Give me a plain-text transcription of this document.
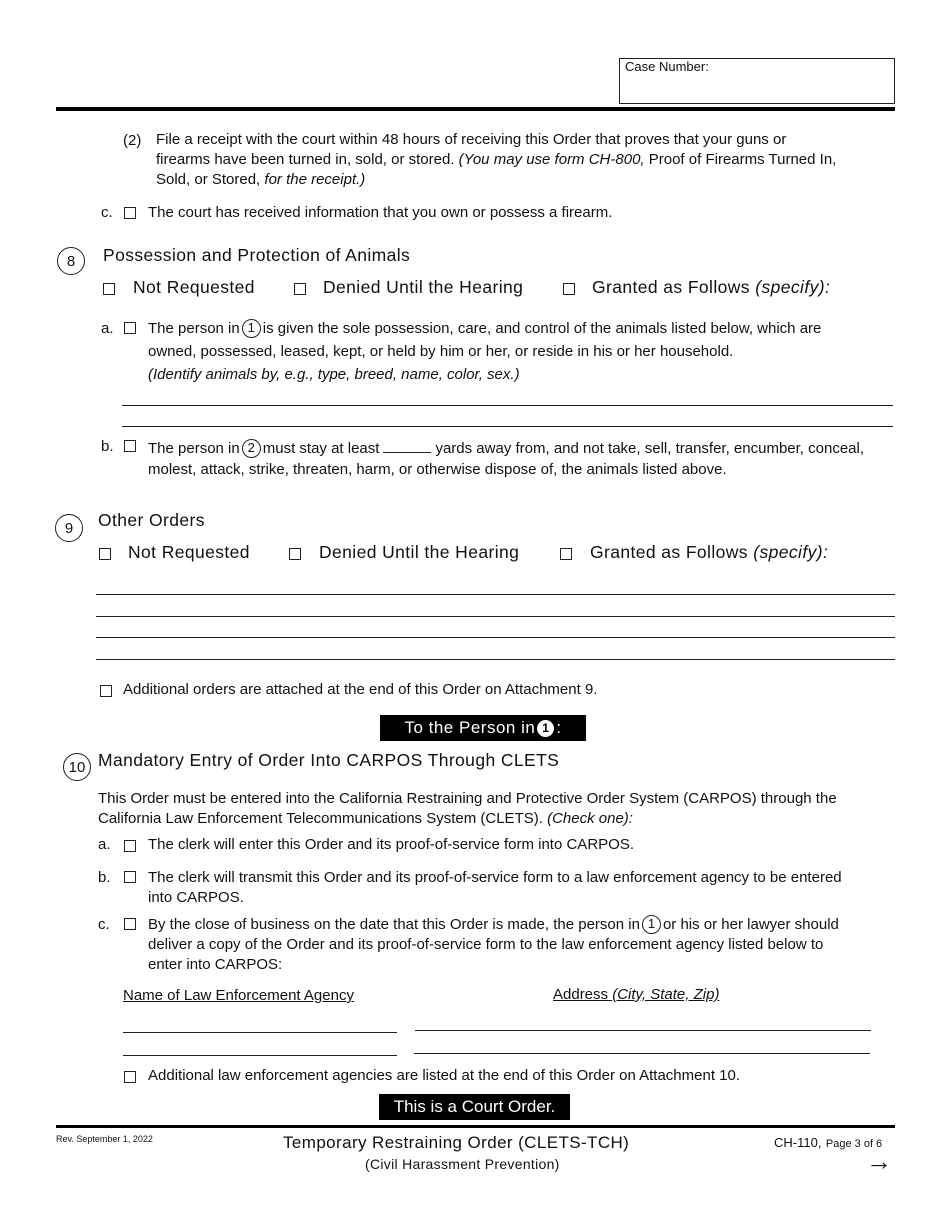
Case Number:
(2) File a receipt with the court within 48 hours of receiving this Order that proves that your guns or
firearms have been turned in, sold, or stored. (You may use form CH-800, Proof of Firearms Turned In,
Sold, or Stored, for the receipt.)
c. The court has received information that you own or possess a firearm.
8 Possession and Protection of Animals
Not Requested	Denied Until the Hearing	Granted as Follows (specify):
a. The person in 1 is given the sole possession, care, and control of the animals listed below, which are
owned, possessed, leased, kept, or held by him or her, or reside in his or her household.
(Identify animals by, e.g., type, breed, name, color, sex.)
b. The person in 2 must stay at least	yards away from, and not take, sell, transfer, encumber, conceal,
molest, attack, strike, threaten, harm, or otherwise dispose of, the animals listed above.
9 Other Orders
Not Requested	Denied Until the Hearing	Granted as Follows (specify):
Additional orders are attached at the end of this Order on Attachment 9.
To the Person in 1 :
10 Mandatory Entry of Order Into CARPOS Through CLETS
This Order must be entered into the California Restraining and Protective Order System (CARPOS) through the
California Law Enforcement Telecommunications System (CLETS). (Check one):
a. The clerk will enter this Order and its proof-of-service form into CARPOS.
b. The clerk will transmit this Order and its proof-of-service form to a law enforcement agency to be entered
into CARPOS.
c.	By the close of business on the date that this Order is made, the person in 1 or his or her lawyer should
deliver a copy of the Order and its proof-of-service form to the law enforcement agency listed below to
enter into CARPOS:
Name of Law Enforcement Agency	Address (City, State, Zip)
Additional law enforcement agencies are listed at the end of this Order on Attachment 10.
This is a Court Order.
Rev. September 1, 2022	Temporary Restraining Order (CLETS-TCH)
(Civil Harassment Prevention)
CH-110, Page 3 of 6
→
